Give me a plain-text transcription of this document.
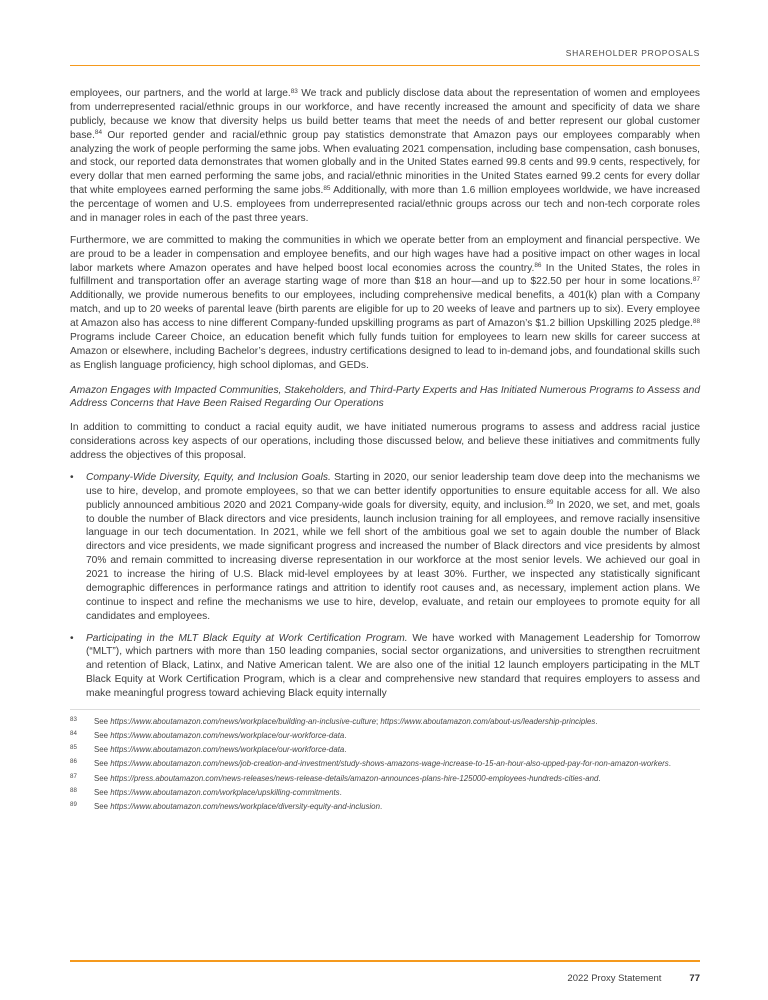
SHAREHOLDER PROPOSALS

employees, our partners, and the world at large.$^{83}$ We track and publicly disclose data about the representation of women and employees from underrepresented racial/ethnic groups in our workforce, and have recently increased the amount and specificity of data we share publicly, because we know that diversity helps us build better teams that meet the needs of and better represent our global customer base.$^{84}$ Our reported gender and racial/ethnic group pay statistics demonstrate that Amazon pays our employees comparably when analyzing the work of people performing the same jobs. When evaluating 2021 compensation, including base compensation, cash bonuses, and stock, our reported data demonstrates that women globally and in the United States earned 99.8 cents and 99.9 cents, respectively, for every dollar that men earned performing the same jobs, and racial/ethnic minorities in the United States earned 99.2 cents for every dollar that white employees earned performing the same jobs.$^{85}$ Additionally, with more than 1.6 million employees worldwide, we have increased the percentage of women and U.S. employees from underrepresented racial/ethnic groups across our tech and non-tech corporate roles and in manager roles in each of the past three years.

Furthermore, we are committed to making the communities in which we operate better from an employment and financial perspective. We are proud to be a leader in compensation and employee benefits, and our high wages have had a positive impact on other wages in local labor markets where Amazon operates and have helped boost local economies across the country.$^{86}$ In the United States, the roles in fulfillment and transportation offer an average starting wage of more than $18 an hour—and up to $22.50 per hour in some locations.$^{87}$ Additionally, we provide numerous benefits to our employees, including comprehensive medical benefits, a 401(k) plan with a Company match, and up to 20 weeks of parental leave (birth parents are eligible for up to 20 weeks of leave and partners up to six). Every employee at Amazon also has access to nine different Company-funded upskilling programs as part of Amazon’s $1.2 billion Upskilling 2025 pledge.$^{88}$ Programs include Career Choice, an education benefit which fully funds tuition for employees to learn new skills for career success at Amazon or elsewhere, including Bachelor’s degrees, industry certifications designed to lead to in-demand jobs, and foundational skills such as English language proficiency, high school diplomas, and GEDs.

Amazon Engages with Impacted Communities, Stakeholders, and Third-Party Experts and Has Initiated Numerous Programs to Assess and Address Concerns that Have Been Raised Regarding Our Operations

In addition to committing to conduct a racial equity audit, we have initiated numerous programs to assess and address racial justice considerations across key aspects of our operations, including those discussed below, and believe these initiatives and commitments fully address the objectives of this proposal.

•	Company-Wide Diversity, Equity, and Inclusion Goals. Starting in 2020, our senior leadership team dove deep into the mechanisms we use to hire, develop, and promote employees, so that we can better identify opportunities to ensure equitable access for all. We also publicly announced ambitious 2020 and 2021 Company-wide goals for diversity, equity, and inclusion.$^{89}$ In 2020, we set, and met, goals to double the number of Black directors and vice presidents, launch inclusion training for all employees, and remove racially insensitive language in our tech documentation. In 2021, while we fell short of the ambitious goal we set to again double the number of Black directors and vice presidents, we made significant progress and increased the number of Black directors and vice presidents by almost 70% and remain committed to increasing diverse representation in our workforce at the most senior levels. We achieved our goal in 2021 to increase the hiring of U.S. Black mid-level employees by at least 30%. Further, we inspected any statistically significant demographic differences in performance ratings and attrition to identify root causes and, as necessary, implement action plans. We continue to inspect and refine the mechanisms we use to hire, develop, evaluate, and retain our employees to promote equity for all candidates and employees.

•	Participating in the MLT Black Equity at Work Certification Program. We have worked with Management Leadership for Tomorrow (“MLT”), which partners with more than 150 leading companies, social sector organizations, and universities to strengthen recruitment and retention of Black, Latinx, and Native American talent. We are also one of the initial 12 launch employers participating in the MLT Black Equity at Work Certification Program, which is a clear and comprehensive new standard that requires employers to assess and make meaningful progress toward achieving Black equity internally

83	See https://www.aboutamazon.com/news/workplace/building-an-inclusive-culture; https://www.aboutamazon.com/about-us/leadership-principles.
84	See https://www.aboutamazon.com/news/workplace/our-workforce-data.
85	See https://www.aboutamazon.com/news/workplace/our-workforce-data.
86	See https://www.aboutamazon.com/news/job-creation-and-investment/study-shows-amazons-wage-increase-to-15-an-hour-also-upped-pay-for-non-amazon-workers.
87	See https://press.aboutamazon.com/news-releases/news-release-details/amazon-announces-plans-hire-125000-employees-hundreds-cities-and.
88	See https://www.aboutamazon.com/workplace/upskilling-commitments.
89	See https://www.aboutamazon.com/news/workplace/diversity-equity-and-inclusion.
2022 Proxy Statement	77
